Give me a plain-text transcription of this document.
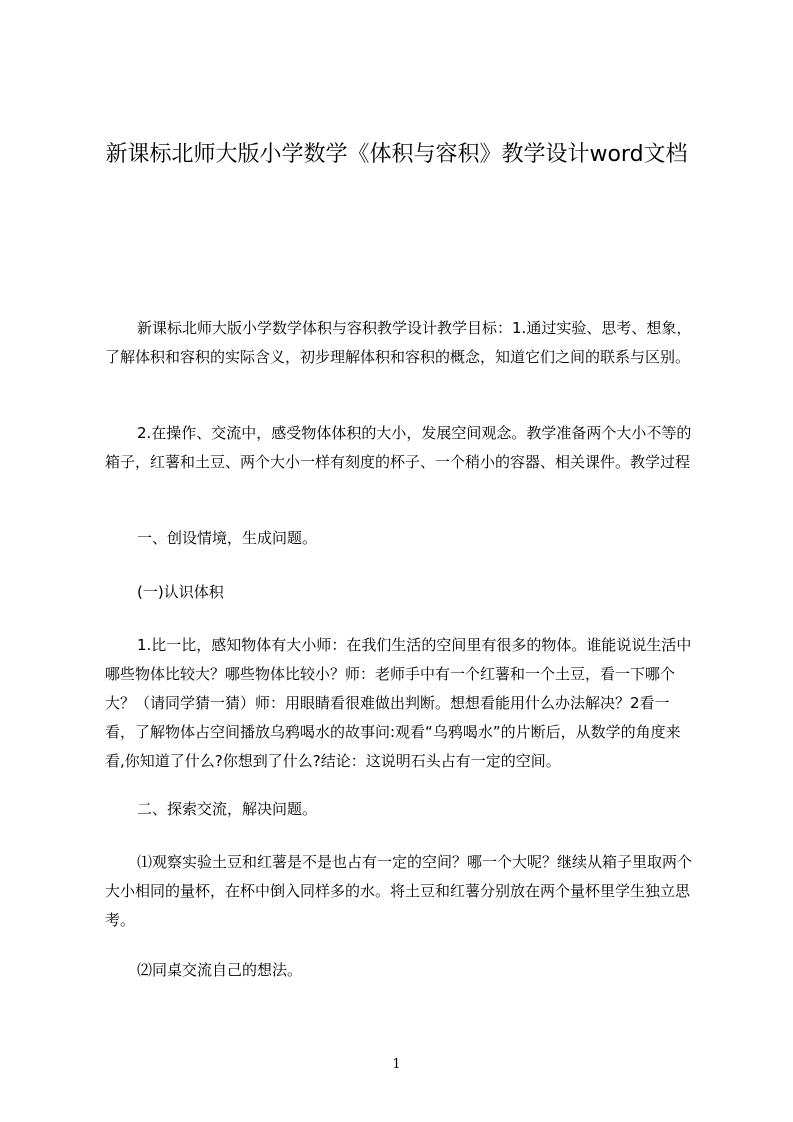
新课标北师大版小学数学《体积与容积》教学设计word文档

新课标北师大版小学数学体积与容积教学设计教学目标：1.通过实验、思考、想象，了解体积和容积的实际含义，初步理解体积和容积的概念，知道它们之间的联系与区别。

2.在操作、交流中，感受物体体积的大小，发展空间观念。教学准备两个大小不等的箱子，红薯和土豆、两个大小一样有刻度的杯子、一个稍小的容器、相关课件。教学过程

一、创设情境，生成问题。

(一)认识体积

1.比一比，感知物体有大小师：在我们生活的空间里有很多的物体。谁能说说生活中哪些物体比较大？哪些物体比较小？师：老师手中有一个红薯和一个土豆，看一下哪个大？（请同学猜一猜）师：用眼睛看很难做出判断。想想看能用什么办法解决？2看一看，了解物体占空间播放乌鸦喝水的故事问:观看“乌鸦喝水”的片断后，从数学的角度来看,你知道了什么?你想到了什么?结论：这说明石头占有一定的空间。

二、探索交流，解决问题。

⑴观察实验土豆和红薯是不是也占有一定的空间？哪一个大呢？继续从箱子里取两个大小相同的量杯，在杯中倒入同样多的水。将土豆和红薯分别放在两个量杯里学生独立思考。

⑵同桌交流自己的想法。

1
